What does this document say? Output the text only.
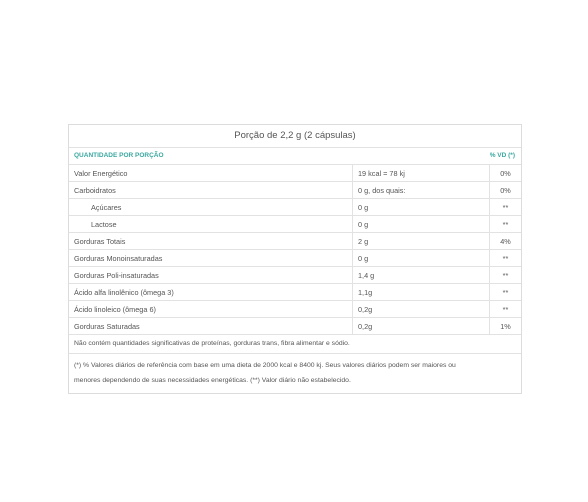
Porção de 2,2 g (2 cápsulas)
QUANTIDADE POR PORÇÃO	% VD (*)
Valor Energético	19 kcal = 78 kj	0%
Carboidratos	0 g, dos quais:	0%
Açúcares	0 g	**
Lactose	0 g	**
Gorduras Totais	2 g	4%
Gorduras Monoinsaturadas	0 g	**
Gorduras Poli-insaturadas	1,4 g	**
Ácido alfa linolênico (ômega 3)	1,1g	**
Ácido linoleico (ômega 6)	0,2g	**
Gorduras Saturadas	0,2g	1%
Não contém quantidades significativas de proteínas, gorduras trans, fibra alimentar e sódio.
(*) % Valores diários de referência com base em uma dieta de 2000 kcal e 8400 kj. Seus valores diários podem ser maiores ou
menores dependendo de suas necessidades energéticas. (**) Valor diário não estabelecido.
